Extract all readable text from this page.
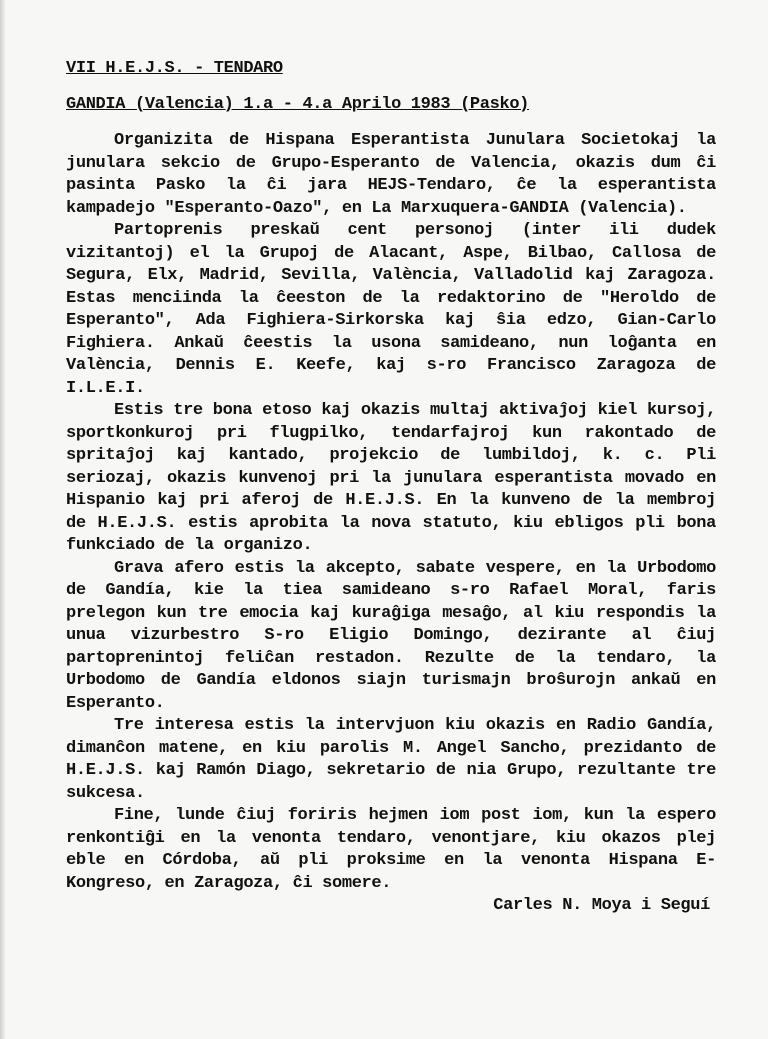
VII H.E.J.S. - TENDARO

GANDIA (Valencia) 1.a - 4.a Aprilo 1983 (Pasko)

Organizita de Hispana Esperantista Junulara Societokaj la junulara sekcio de Grupo-Esperanto de Valencia, okazis dum ĉi pasinta Pasko la ĉi jara HEJS-Tendaro, ĉe la esperantista kampadejo "Esperanto-Oazo", en La Marxuquera-GANDIA (Valencia).

Partoprenis preskaŭ cent personoj (inter ili dudek vizitantoj) el la Grupoj de Alacant, Aspe, Bilbao, Callosa de Segura, Elx, Madrid, Sevilla, València, Valladolid kaj Zaragoza. Estas menciinda la ĉeeston de la redaktorino de "Heroldo de Esperanto", Ada Fighiera-Sirkorska kaj ŝia edzo, Gian-Carlo Fighiera. Ankaŭ ĉeestis la usona samideano, nun loĝanta en València, Dennis E. Keefe, kaj s-ro Francisco Zaragoza de I.L.E.I.

Estis tre bona etoso kaj okazis multaj aktivaĵoj kiel kursoj, sportkonkuroj pri flugpilko, tendarfajroj kun rakontado de spritaĵoj kaj kantado, projekcio de lumbildoj, k. c. Pli seriozaj, okazis kunvenoj pri la junulara esperantista movado en Hispanio kaj pri aferoj de H.E.J.S. En la kunveno de la membroj de H.E.J.S. estis aprobita la nova statuto, kiu ebligos pli bona funkciado de la organizo.

Grava afero estis la akcepto, sabate vespere, en la Urbodomo de Gandía, kie la tiea samideano s-ro Rafael Moral, faris prelegon kun tre emocia kaj kuraĝiga mesaĝo, al kiu respondis la unua vizurbestro S-ro Eligio Domingo, dezirante al ĉiuj partoprenintoj feliĉan restadon. Rezulte de la tendaro, la Urbodomo de Gandía eldonos siajn turismajn broŝurojn ankaŭ en Esperanto.

Tre interesa estis la intervjuon kiu okazis en Radio Gandía, dimanĉon matene, en kiu parolis M. Angel Sancho, prezidanto de H.E.J.S. kaj Ramón Diago, sekretario de nia Grupo, rezultante tre sukcesa.

Fine, lunde ĉiuj foriris hejmen iom post iom, kun la espero renkontiĝi en la venonta tendaro, venontjare, kiu okazos plej eble en Córdoba, aŭ pli proksime en la venonta Hispana E-Kongreso, en Zaragoza, ĉi somere.

Carles N. Moya i Seguí
